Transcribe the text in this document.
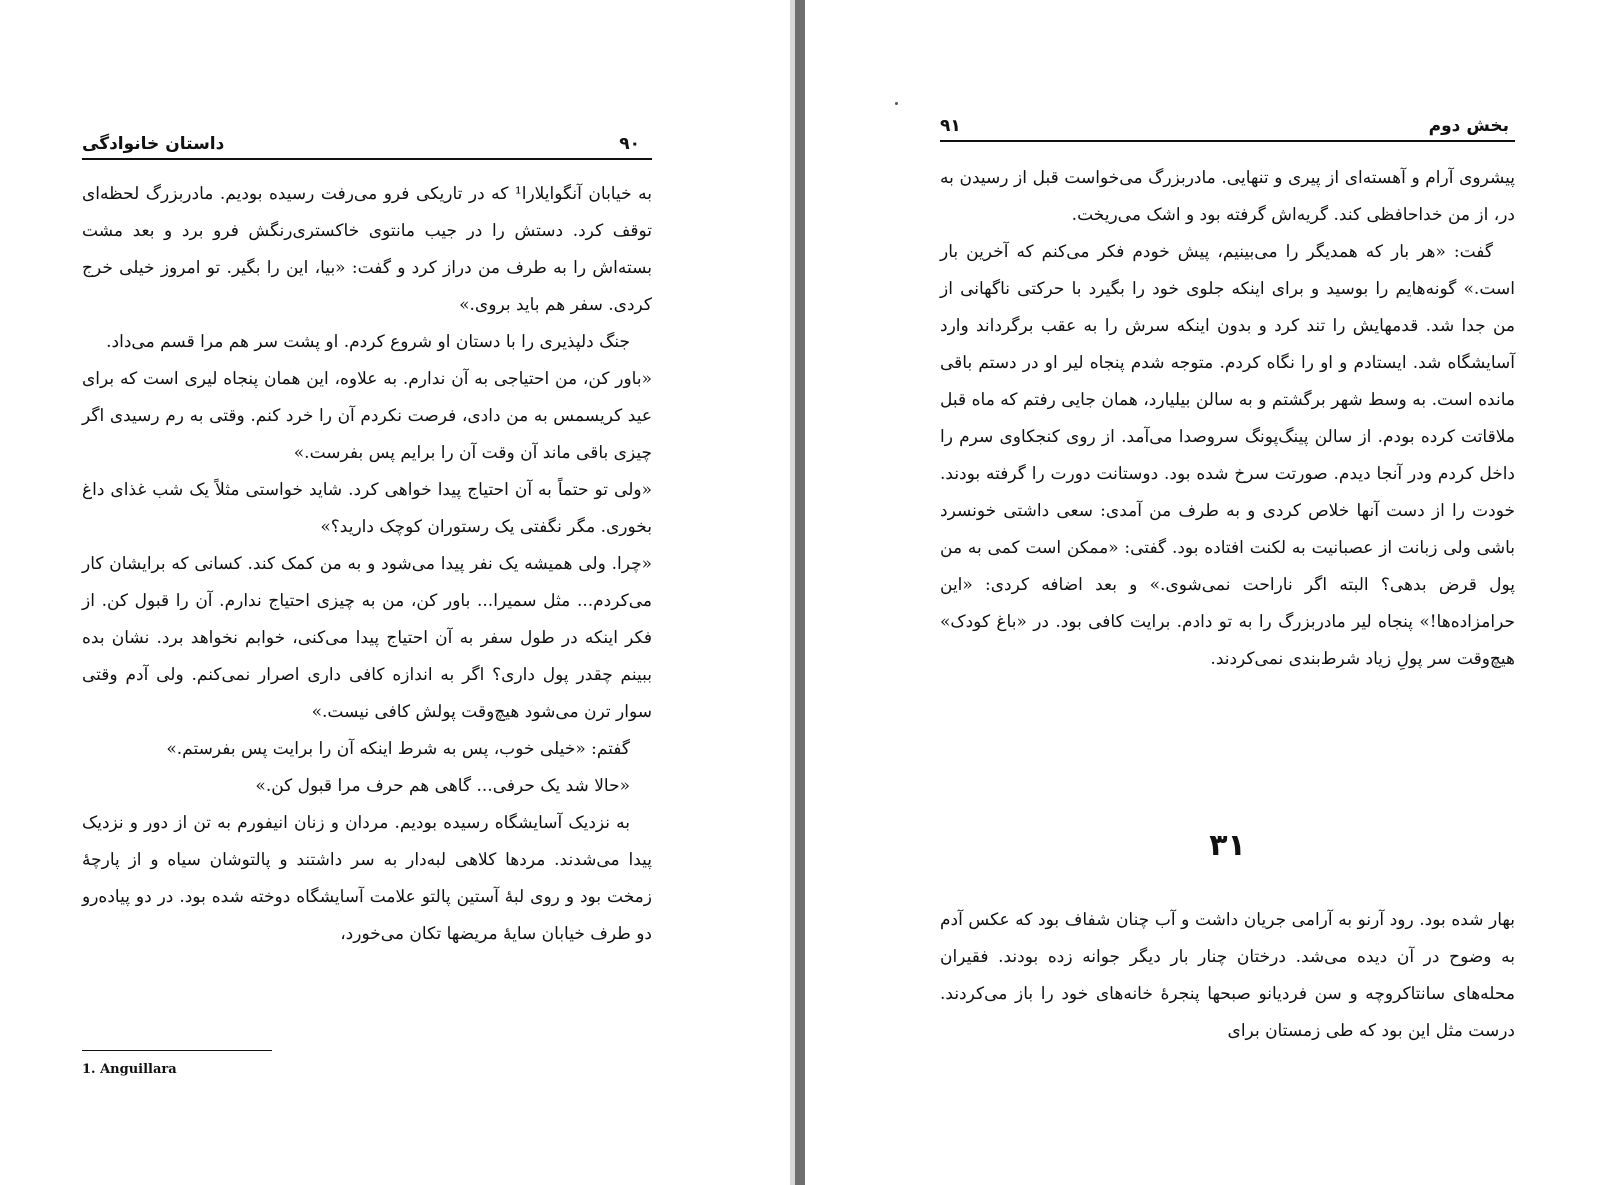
داستان خانوادگی	۹۰

به خیابان آنگوایلارا¹ که در تاریکی فرو می‌رفت رسیده بودیم. مادربزرگ لحظه‌ای توقف کرد. دستش را در جیب مانتوی خاکستری‌رنگش فرو برد و بعد مشت بسته‌اش را به طرف من دراز کرد و گفت: «بیا، این را بگیر. تو امروز خیلی خرج کردی. سفر هم باید بروی.»

جنگ دلپذیری را با دستان او شروع کردم. او پشت سر هم مرا قسم می‌داد.

«باور کن، من احتیاجی به آن ندارم. به علاوه، این همان پنجاه لیری است که برای عید کریسمس به من دادی، فرصت نکردم آن را خرد کنم. وقتی به رم رسیدی اگر چیزی باقی ماند آن وقت آن را برایم پس بفرست.»

«ولی تو حتماً به آن احتیاج پیدا خواهی کرد. شاید خواستی مثلاً یک شب غذای داغ بخوری. مگر نگفتی یک رستوران کوچک دارید؟»

«چرا. ولی همیشه یک نفر پیدا می‌شود و به من کمک کند. کسانی که برایشان کار می‌کردم... مثل سمیرا... باور کن، من به چیزی احتیاج ندارم. آن را قبول کن. از فکر اینکه در طول سفر به آن احتیاج پیدا می‌کنی، خوابم نخواهد برد. نشان بده ببینم چقدر پول داری؟ اگر به اندازه کافی داری اصرار نمی‌کنم. ولی آدم وقتی سوار ترن می‌شود هیچ‌وقت پولش کافی نیست.»

گفتم: «خیلی خوب، پس به شرط اینکه آن را برایت پس بفرستم.»

«حالا شد یک حرفی... گاهی هم حرف مرا قبول کن.»

به نزدیک آسایشگاه رسیده بودیم. مردان و زنان انیفورم به تن از دور و نزدیک پیدا می‌شدند. مردها کلاهی لبه‌دار به سر داشتند و پالتوشان سیاه و از پارچهٔ زمخت بود و روی لبهٔ آستین پالتو علامت آسایشگاه دوخته شده بود. در دو پیاده‌رو دو طرف خیابان سایهٔ مریضها تکان می‌خورد،

1. Anguillara
بخش دوم
۹۱

پیشروی آرام و آهسته‌ای از پیری و تنهایی. مادربزرگ می‌خواست قبل از رسیدن به در، از من خداحافظی کند. گریه‌اش گرفته بود و اشک می‌ریخت.

گفت: «هر بار که همدیگر را می‌بینیم، پیش خودم فکر می‌کنم که آخرین بار است.» گونه‌هایم را بوسید و برای اینکه جلوی خود را بگیرد با حرکتی ناگهانی از من جدا شد. قدمهایش را تند کرد و بدون اینکه سرش را به عقب برگرداند وارد آسایشگاه شد. ایستادم و او را نگاه کردم. متوجه شدم پنجاه لیر او در دستم باقی مانده است. به وسط شهر برگشتم و به سالن بیلیارد، همان جایی رفتم که ماه قبل ملاقاتت کرده بودم. از سالن پینگ‌پونگ سروصدا می‌آمد. از روی کنجکاوی سرم را داخل کردم ودر آنجا دیدم. صورتت سرخ شده بود. دوستانت دورت را گرفته بودند. خودت را از دست آنها خلاص کردی و به طرف من آمدی: سعی داشتی خونسرد باشی ولی زبانت از عصبانیت به لکنت افتاده بود. گفتی: «ممکن است کمی به من پول قرض بدهی؟ البته اگر ناراحت نمی‌شوی.» و بعد اضافه کردی: «این حرامزاده‌ها!» پنجاه لیر مادربزرگ را به تو دادم. برایت کافی بود. در «باغ کودک» هیچ‌وقت سر پولِ زیاد شرط‌بندی نمی‌کردند.

۳۱

بهار شده بود. رود آرنو به آرامی جریان داشت و آب چنان شفاف بود که عکس آدم به وضوح در آن دیده می‌شد. درختان چنار بار دیگر جوانه زده بودند. فقیران محله‌های سانتاکروچه و سن فردیانو صبحها پنجرهٔ خانه‌های خود را باز می‌کردند. درست مثل این بود که طی زمستان برای
